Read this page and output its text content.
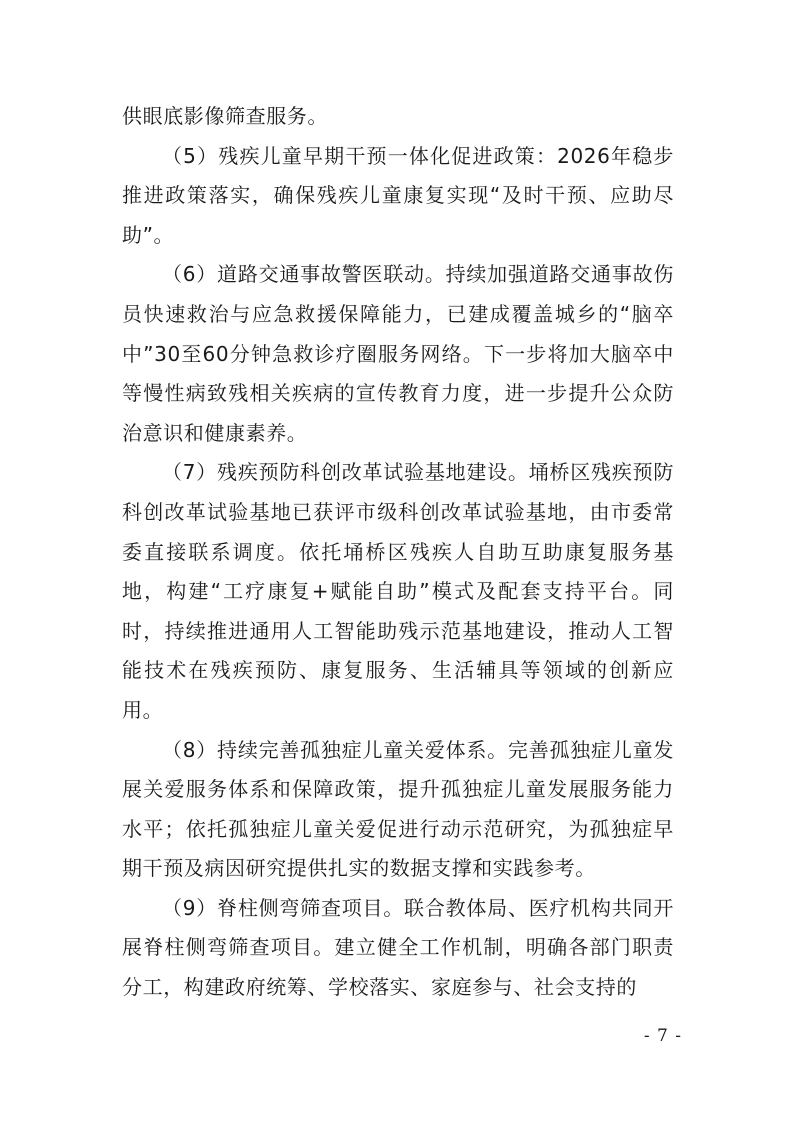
供眼底影像筛查服务。

（5）残疾儿童早期干预一体化促进政策：2026年稳步推进政策落实，确保残疾儿童康复实现“及时干预、应助尽助”。

（6）道路交通事故警医联动。持续加强道路交通事故伤员快速救治与应急救援保障能力，已建成覆盖城乡的“脑卒中”30至60分钟急救诊疗圈服务网络。下一步将加大脑卒中等慢性病致残相关疾病的宣传教育力度，进一步提升公众防治意识和健康素养。

（7）残疾预防科创改革试验基地建设。埇桥区残疾预防科创改革试验基地已获评市级科创改革试验基地，由市委常委直接联系调度。依托埇桥区残疾人自助互助康复服务基地，构建“工疗康复+赋能自助”模式及配套支持平台。同时，持续推进通用人工智能助残示范基地建设，推动人工智能技术在残疾预防、康复服务、生活辅具等领域的创新应用。

（8）持续完善孤独症儿童关爱体系。完善孤独症儿童发展关爱服务体系和保障政策，提升孤独症儿童发展服务能力水平；依托孤独症儿童关爱促进行动示范研究，为孤独症早期干预及病因研究提供扎实的数据支撑和实践参考。

（9）脊柱侧弯筛查项目。联合教体局、医疗机构共同开展脊柱侧弯筛查项目。建立健全工作机制，明确各部门职责分工，构建政府统筹、学校落实、家庭参与、社会支持的

- 7 -
